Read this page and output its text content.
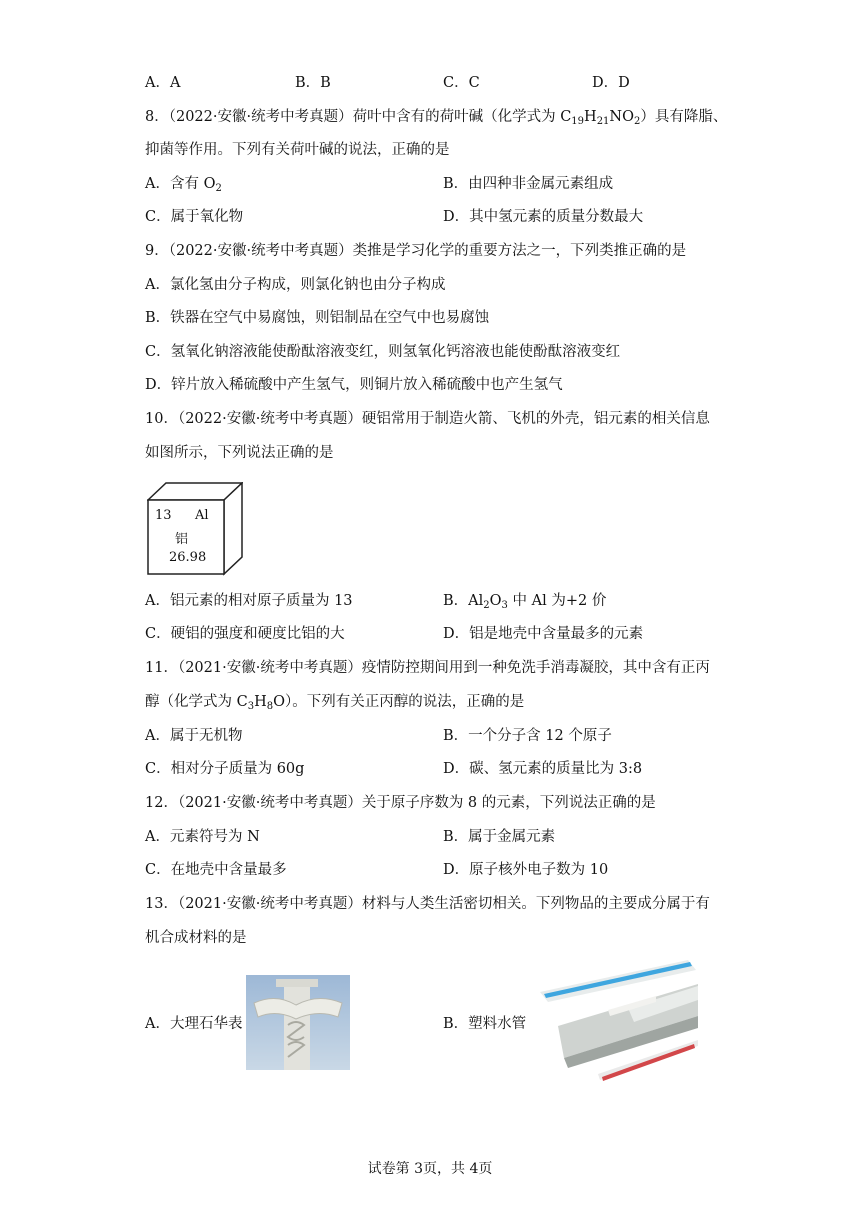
A．A	B．B	C．C	D．D
8．（2022·安徽·统考中考真题）荷叶中含有的荷叶碱（化学式为 $C_{19}H_{21}NO_2$）具有降脂、
抑菌等作用。下列有关荷叶碱的说法，正确的是
A．含有 $O_2$	B．由四种非金属元素组成
C．属于氧化物	D．其中氢元素的质量分数最大
9．（2022·安徽·统考中考真题）类推是学习化学的重要方法之一，下列类推正确的是
A．氯化氢由分子构成，则氯化钠也由分子构成
B．铁器在空气中易腐蚀，则铝制品在空气中也易腐蚀
C．氢氧化钠溶液能使酚酞溶液变红，则氢氧化钙溶液也能使酚酞溶液变红
D．锌片放入稀硫酸中产生氢气，则铜片放入稀硫酸中也产生氢气
10．（2022·安徽·统考中考真题）硬铝常用于制造火箭、飞机的外壳，铝元素的相关信息
如图所示，下列说法正确的是
13 Al
铝
26.98
A．铝元素的相对原子质量为 13	B．$Al_2O_3$ 中 Al 为+2 价
C．硬铝的强度和硬度比铝的大	D．铝是地壳中含量最多的元素
11．（2021·安徽·统考中考真题）疫情防控期间用到一种免洗手消毒凝胶，其中含有正丙
醇（化学式为 $C_3H_8O$）。下列有关正丙醇的说法，正确的是
A．属于无机物	B．一个分子含 12 个原子
C．相对分子质量为 60g	D．碳、氢元素的质量比为 3:8
12．（2021·安徽·统考中考真题）关于原子序数为 8 的元素，下列说法正确的是
A．元素符号为 N	B．属于金属元素
C．在地壳中含量最多	D．原子核外电子数为 10
13．（2021·安徽·统考中考真题）材料与人类生活密切相关。下列物品的主要成分属于有
机合成材料的是
A．大理石华表	B．塑料水管
试卷第 3页，共 4页
